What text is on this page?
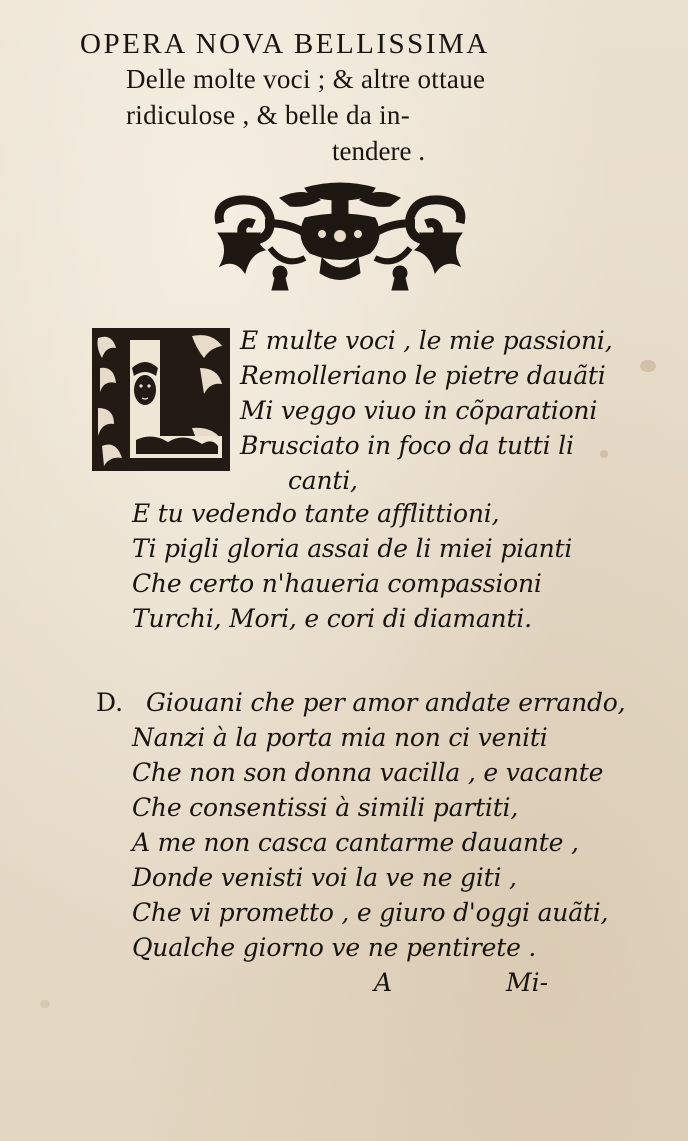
OPERA NOVA BELLISSIMA
Delle molte voci ; & altre ottaue
ridiculose , & belle da in-
tendere .
E multe voci , le mie passioni,
Remolleriano le pietre dauãti
Mi veggo viuo in cõparationi
Brusciato in foco da tutti li
canti,
E tu vedendo tante afflittioni,
Ti pigli gloria assai de li miei pianti
Che certo n'haueria compassioni
Turchi, Mori, e cori di diamanti.
D. Giouani che per amor andate errando,
Nanzi à la porta mia non ci veniti
Che non son donna vacilla , e vacante
Che consentissi à simili partiti,
A me non casca cantarme dauante ,
Donde venisti voi la ve ne giti ,
Che vi prometto , e giuro d'oggi auãti,
Qualche giorno ve ne pentirete .
A	Mi-
